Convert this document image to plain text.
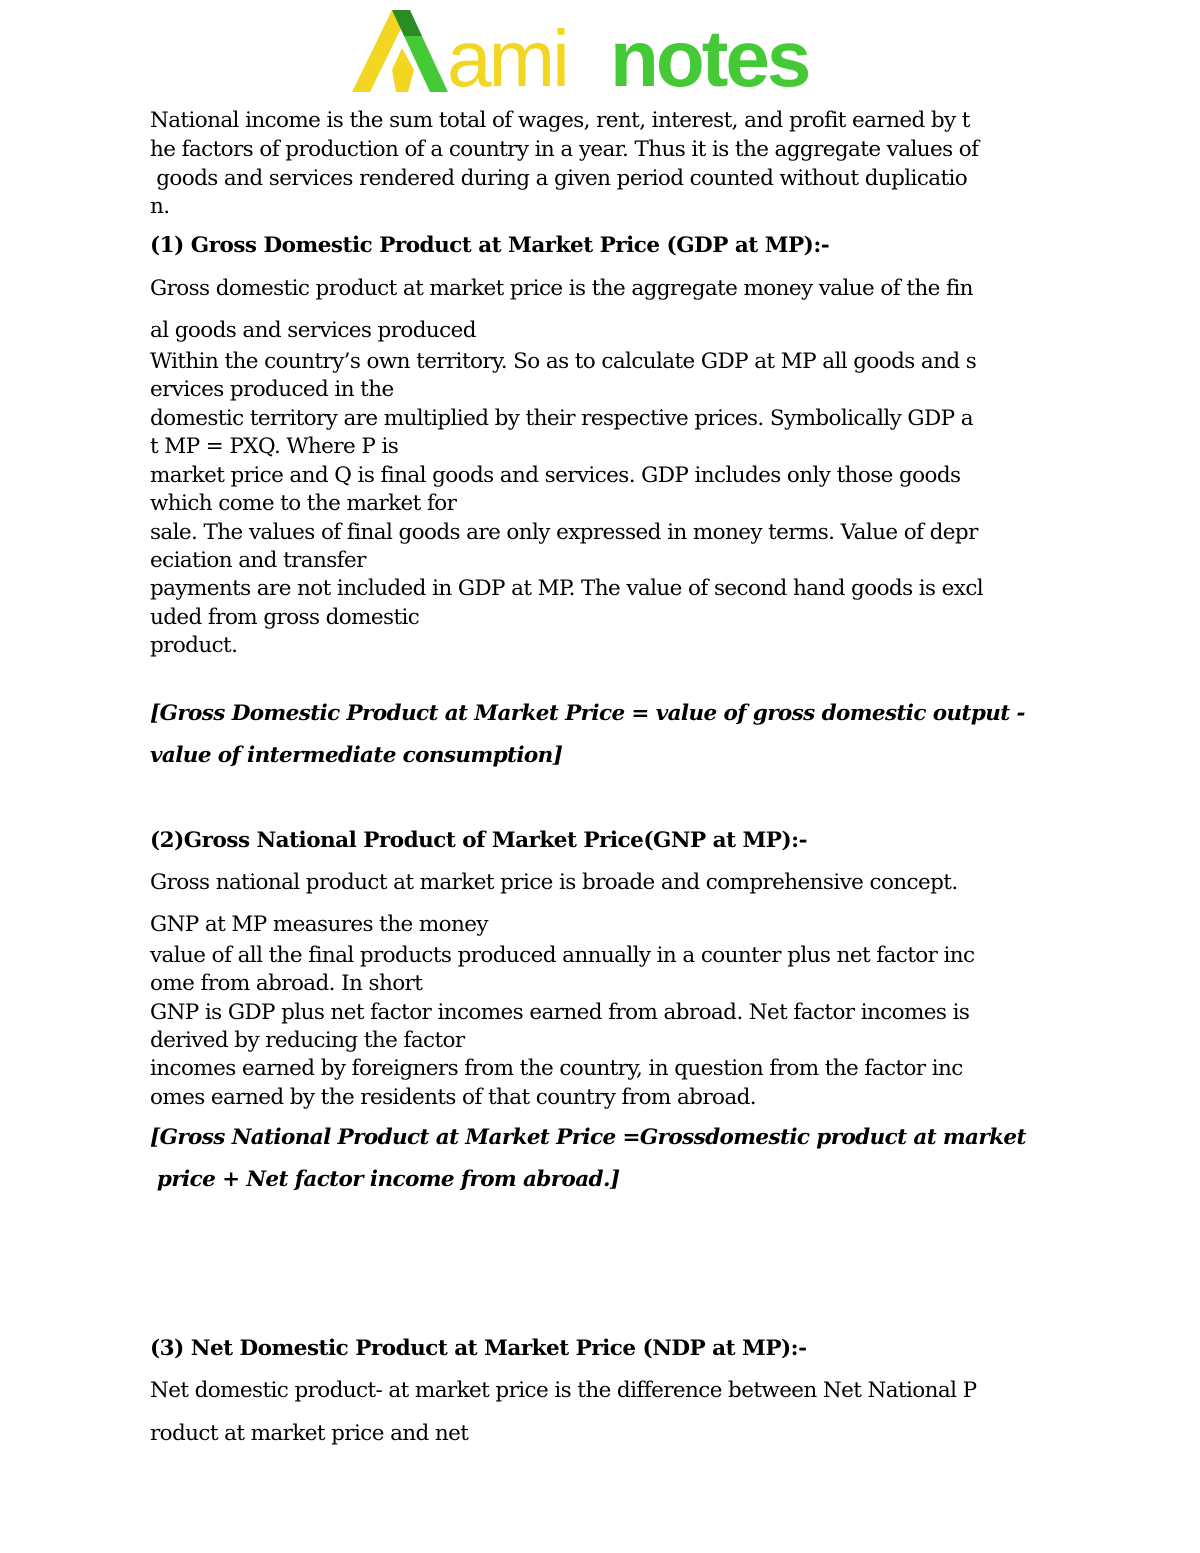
ami notes
National income is the sum total of wages, rent, interest, and profit earned by t
he factors of production of a country in a year. Thus it is the aggregate values of
goods and services rendered during a given period counted without duplicatio
n.
(1) Gross Domestic Product at Market Price (GDP at MP):-
Gross domestic product at market price is the aggregate money value of the fin
al goods and services produced
Within the country’s own territory. So as to calculate GDP at MP all goods and s
ervices produced in the
domestic territory are multiplied by their respective prices. Symbolically GDP a
t MP = PXQ. Where P is
market price and Q is final goods and services. GDP includes only those goods
which come to the market for
sale. The values of final goods are only expressed in money terms. Value of depr
eciation and transfer
payments are not included in GDP at MP. The value of second hand goods is excl
uded from gross domestic
product.
[Gross Domestic Product at Market Price = value of gross domestic output -
value of intermediate consumption]
(2)Gross National Product of Market Price(GNP at MP):-
Gross national product at market price is broade and comprehensive concept.
GNP at MP measures the money
value of all the final products produced annually in a counter plus net factor inc
ome from abroad. In short
GNP is GDP plus net factor incomes earned from abroad. Net factor incomes is
derived by reducing the factor
incomes earned by foreigners from the country, in question from the factor inc
omes earned by the residents of that country from abroad.
[Gross National Product at Market Price =Grossdomestic product at market
price + Net factor income from abroad.]
(3) Net Domestic Product at Market Price (NDP at MP):-
Net domestic product- at market price is the difference between Net National P
roduct at market price and net
